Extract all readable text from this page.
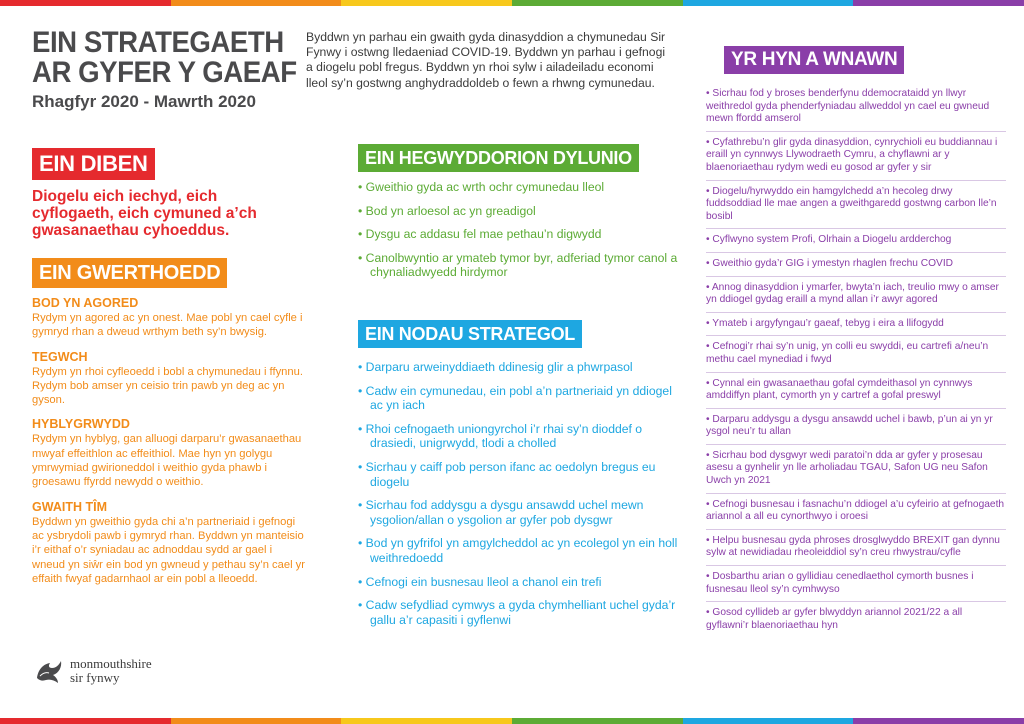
EIN STRATEGAETH
AR GYFER Y GAEAF
Rhagfyr 2020 - Mawrth 2020

Byddwn yn parhau ein gwaith gyda dinasyddion a chymunedau Sir Fynwy i ostwng lledaeniad COVID-19. Byddwn yn parhau i gefnogi a diogelu pobl fregus. Byddwn yn rhoi sylw i ailadeiladu economi lleol sy’n gostwng anghydraddoldeb o fewn a rhwng cymunedau.

EIN DIBEN

Diogelu eich iechyd, eich cyflogaeth, eich cymuned a’ch gwasanaethau cyhoeddus.

EIN GWERTHOEDD
BOD YN AGORED

Rydym yn agored ac yn onest. Mae pobl yn cael cyfle i gymryd rhan a dweud wrthym beth sy’n bwysig.

TEGWCH

Rydym yn rhoi cyfleoedd i bobl a chymunedau i ffynnu. Rydym bob amser yn ceisio trin pawb yn deg ac yn gyson.

HYBLYGRWYDD

Rydym yn hyblyg, gan alluogi darparu’r gwasanaethau mwyaf effeithlon ac effeithiol. Mae hyn yn golygu ymrwymiad gwirioneddol i weithio gyda phawb i groesawu ffyrdd newydd o weithio.

GWAITH TÎM

Byddwn yn gweithio gyda chi a’n partneriaid i gefnogi ac ysbrydoli pawb i gymryd rhan. Byddwn yn manteisio i’r eithaf o’r syniadau ac adnoddau sydd ar gael i wneud yn siŵr ein bod yn gwneud y pethau sy’n cael yr effaith fwyaf gadarnhaol ar ein pobl a lleoedd.

EIN HEGWYDDORION DYLUNIO
• Gweithio gyda ac wrth ochr cymunedau lleol
• Bod yn arloesol ac yn greadigol
• Dysgu ac addasu fel mae pethau’n digwydd
• Canolbwyntio ar ymateb tymor byr, adferiad tymor canol a chynaliadwyedd hirdymor
EIN NODAU STRATEGOL
• Darparu arweinyddiaeth ddinesig glir a phwrpasol
• Cadw ein cymunedau, ein pobl a’n partneriaid yn ddiogel ac yn iach
• Rhoi cefnogaeth uniongyrchol i’r rhai sy’n dioddef o drasiedi, unigrwydd, tlodi a cholled
• Sicrhau y caiff pob person ifanc ac oedolyn bregus eu diogelu
• Sicrhau fod addysgu a dysgu ansawdd uchel mewn ysgolion/allan o ysgolion ar gyfer pob dysgwr
• Bod yn gyfrifol yn amgylcheddol ac yn ecolegol yn ein holl weithredoedd
• Cefnogi ein busnesau lleol a chanol ein trefi
• Cadw sefydliad cymwys a gyda chymhelliant uchel gyda’r gallu a’r capasiti i gyflenwi
YR HYN A WNAWN
• Sicrhau fod y broses benderfynu ddemocrataidd yn llwyr weithredol gyda phenderfyniadau allweddol yn cael eu gwneud mewn ffordd amserol
• Cyfathrebu’n glir gyda dinasyddion, cynrychioli eu buddiannau i eraill yn cynnwys Llywodraeth Cymru, a chyflawni ar y blaenoriaethau rydym wedi eu gosod ar gyfer y sir
• Diogelu/hyrwyddo ein hamgylchedd a’n hecoleg drwy fuddsoddiad lle mae angen a gweithgaredd gostwng carbon lle’n bosibl
• Cyflwyno system Profi, Olrhain a Diogelu ardderchog
• Gweithio gyda’r GIG i ymestyn rhaglen frechu COVID
• Annog dinasyddion i ymarfer, bwyta’n iach, treulio mwy o amser yn ddiogel gydag eraill a mynd allan i’r awyr agored
• Ymateb i argyfyngau’r gaeaf, tebyg i eira a llifogydd
• Cefnogi’r rhai sy’n unig, yn colli eu swyddi, eu cartrefi a/neu’n methu cael mynediad i fwyd
• Cynnal ein gwasanaethau gofal cymdeithasol yn cynnwys amddiffyn plant, cymorth yn y cartref a gofal preswyl
• Darparu addysgu a dysgu ansawdd uchel i bawb, p’un ai yn yr ysgol neu’r tu allan
• Sicrhau bod dysgwyr wedi paratoi’n dda ar gyfer y prosesau asesu a gynhelir yn lle arholiadau TGAU, Safon UG neu Safon Uwch yn 2021
• Cefnogi busnesau i fasnachu’n ddiogel a’u cyfeirio at gefnogaeth ariannol a all eu cynorthwyo i oroesi
• Helpu busnesau gyda phroses drosglwyddo BREXIT gan dynnu sylw at newidiadau rheoleiddiol sy’n creu rhwystrau/cyfle
• Dosbarthu arian o gyllidiau cenedlaethol cymorth busnes i fusnesau lleol sy’n cymhwyso
• Gosod cyllideb ar gyfer blwyddyn ariannol 2021/22 a all gyflawni’r blaenoriaethau hyn
monmouthshire
sir fynwy
